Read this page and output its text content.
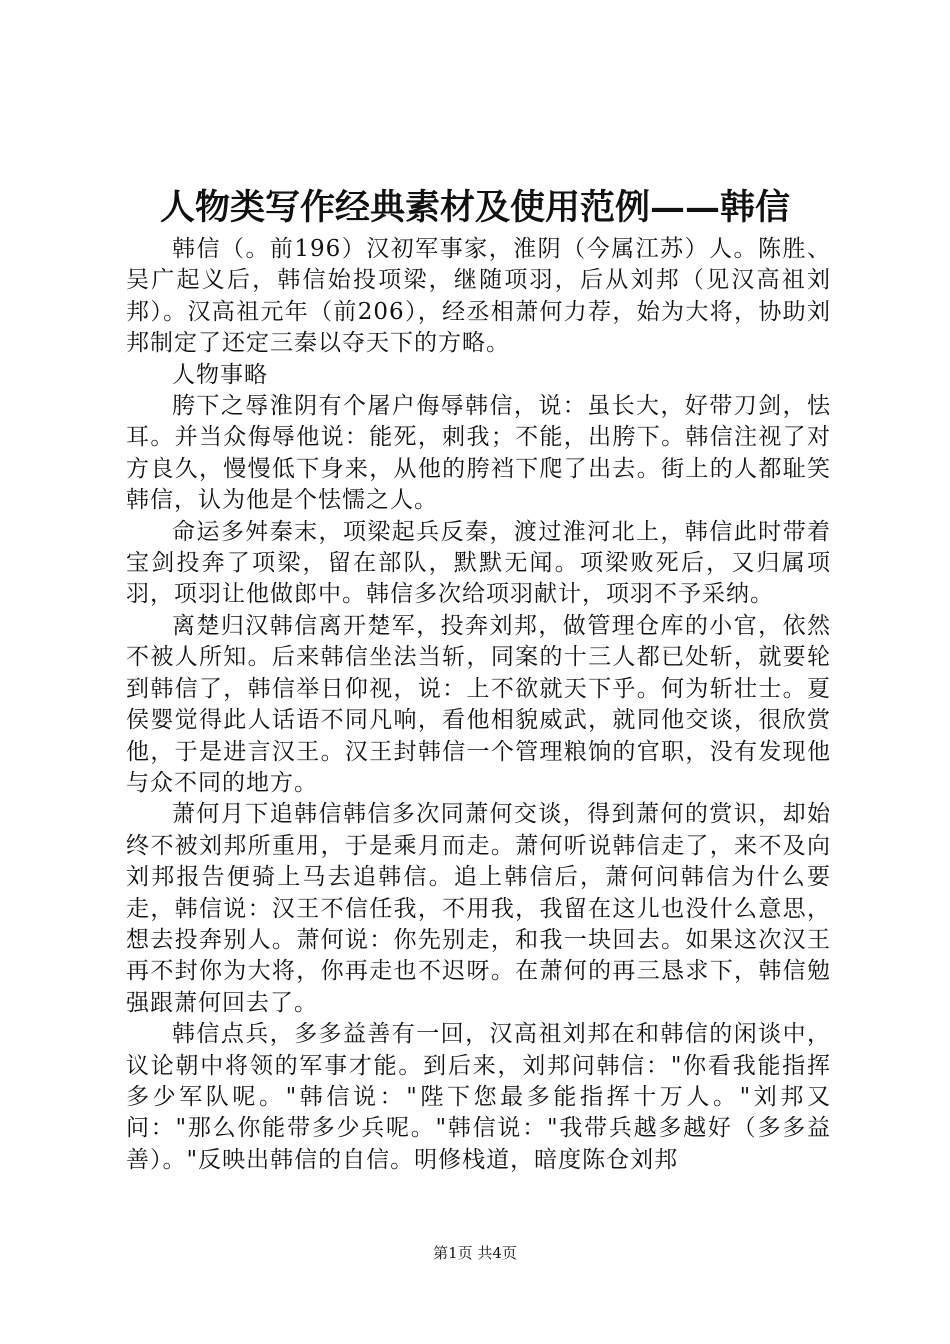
人物类写作经典素材及使用范例——韩信

韩信（。前196）汉初军事家，淮阴（今属江苏）人。陈胜、吴广起义后，韩信始投项梁，继随项羽，后从刘邦（见汉高祖刘邦）。汉高祖元年（前206），经丞相萧何力荐，始为大将，协助刘邦制定了还定三秦以夺天下的方略。

人物事略

胯下之辱淮阴有个屠户侮辱韩信，说：虽长大，好带刀剑，怯耳。并当众侮辱他说：能死，刺我；不能，出胯下。韩信注视了对方良久，慢慢低下身来，从他的胯裆下爬了出去。街上的人都耻笑韩信，认为他是个怯懦之人。

命运多舛秦末，项梁起兵反秦，渡过淮河北上，韩信此时带着宝剑投奔了项梁，留在部队，默默无闻。项梁败死后，又归属项羽，项羽让他做郎中。韩信多次给项羽献计，项羽不予采纳。

离楚归汉韩信离开楚军，投奔刘邦，做管理仓库的小官，依然不被人所知。后来韩信坐法当斩，同案的十三人都已处斩，就要轮到韩信了，韩信举日仰视，说：上不欲就天下乎。何为斩壮士。夏侯婴觉得此人话语不同凡响，看他相貌威武，就同他交谈，很欣赏他，于是进言汉王。汉王封韩信一个管理粮饷的官职，没有发现他与众不同的地方。

萧何月下追韩信韩信多次同萧何交谈，得到萧何的赏识，却始终不被刘邦所重用，于是乘月而走。萧何听说韩信走了，来不及向刘邦报告便骑上马去追韩信。追上韩信后，萧何问韩信为什么要走，韩信说：汉王不信任我，不用我，我留在这儿也没什么意思，想去投奔别人。萧何说：你先别走，和我一块回去。如果这次汉王再不封你为大将，你再走也不迟呀。在萧何的再三恳求下，韩信勉强跟萧何回去了。

韩信点兵，多多益善有一回，汉高祖刘邦在和韩信的闲谈中，议论朝中将领的军事才能。到后来，刘邦问韩信："你看我能指挥多少军队呢。"韩信说："陛下您最多能指挥十万人。"刘邦又问："那么你能带多少兵呢。"韩信说："我带兵越多越好（多多益善）。"反映出韩信的自信。明修栈道，暗度陈仓刘邦

第1页 共4页
